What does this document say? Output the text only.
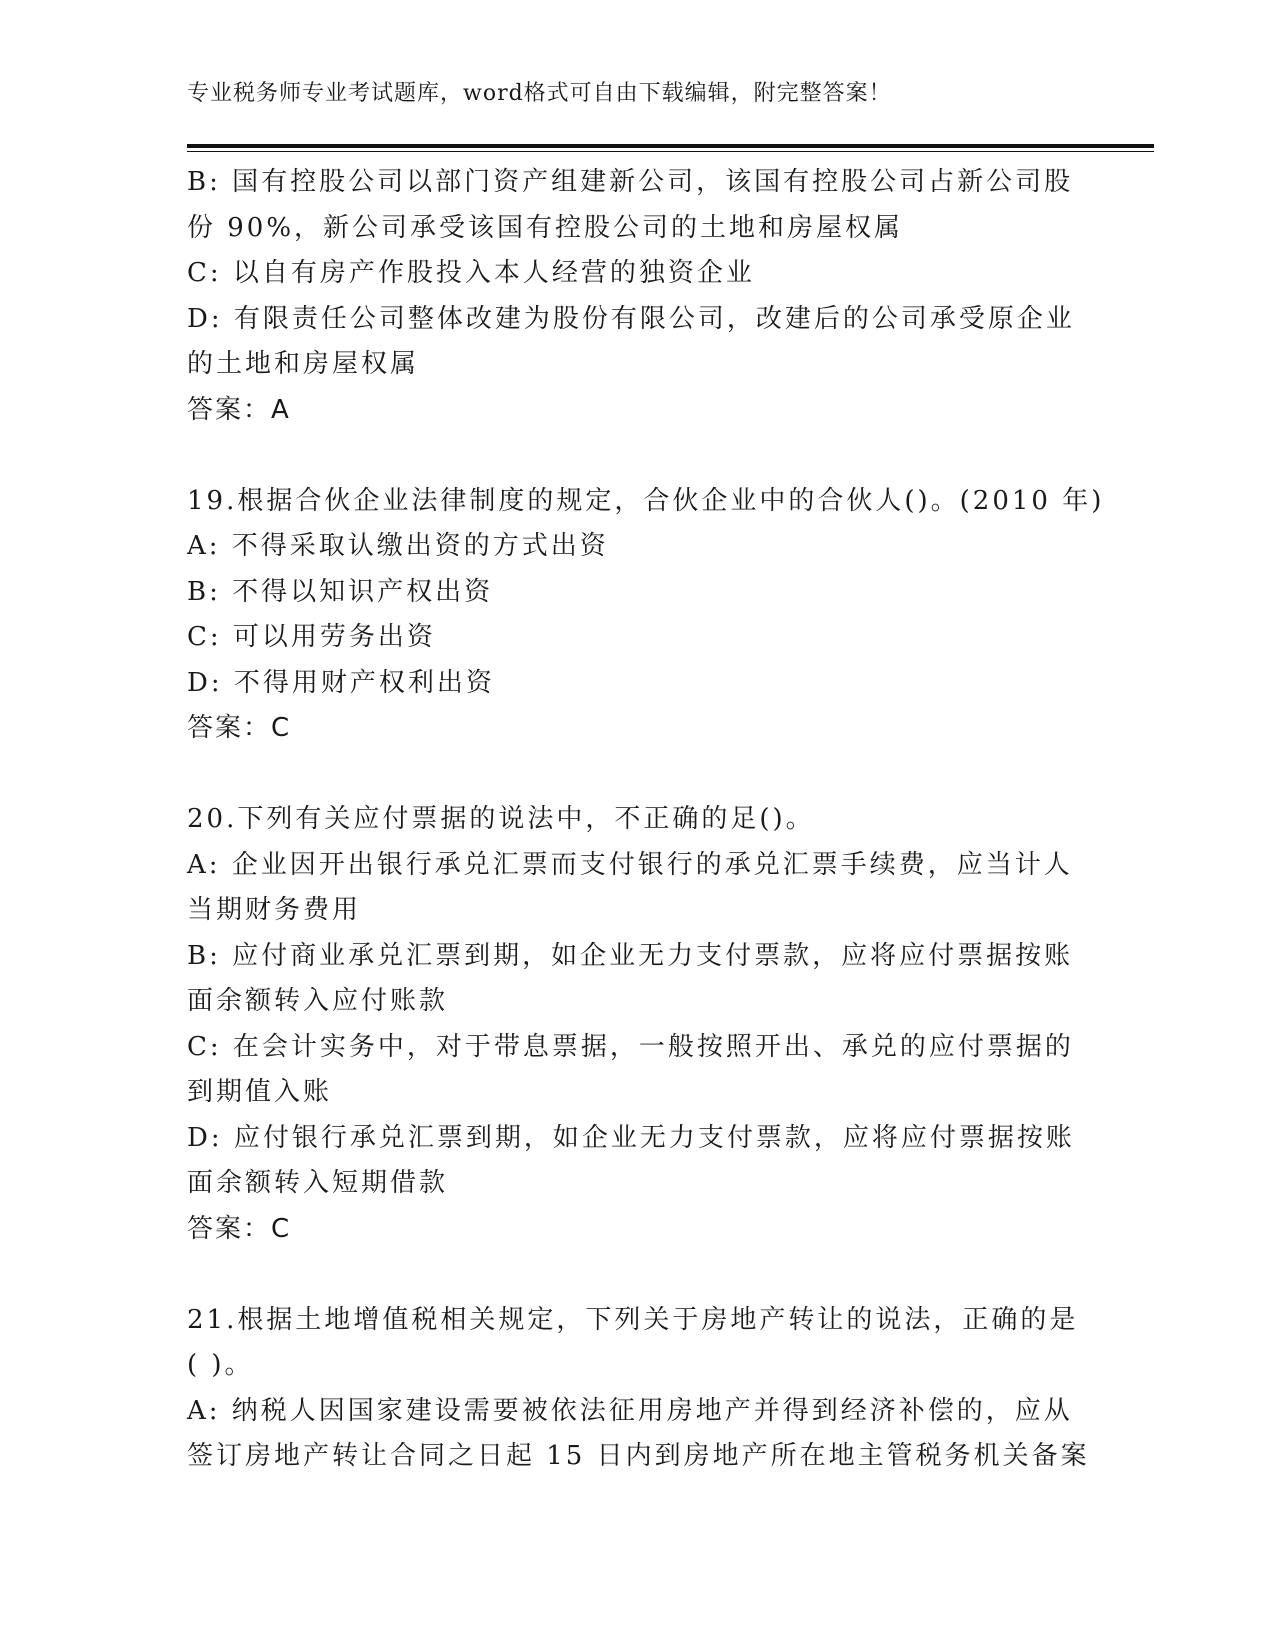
专业税务师专业考试题库，word格式可自由下载编辑，附完整答案！
B: 国有控股公司以部门资产组建新公司，该国有控股公司占新公司股
份 90%，新公司承受该国有控股公司的土地和房屋权属
C: 以自有房产作股投入本人经营的独资企业
D: 有限责任公司整体改建为股份有限公司，改建后的公司承受原企业
的土地和房屋权属
答案：A
19.根据合伙企业法律制度的规定，合伙企业中的合伙人()。(2010 年)
A: 不得采取认缴出资的方式出资
B: 不得以知识产权出资
C: 可以用劳务出资
D: 不得用财产权利出资
答案：C
20.下列有关应付票据的说法中，不正确的足()。
A: 企业因开出银行承兑汇票而支付银行的承兑汇票手续费，应当计人
当期财务费用
B: 应付商业承兑汇票到期，如企业无力支付票款，应将应付票据按账
面余额转入应付账款
C: 在会计实务中，对于带息票据，一般按照开出、承兑的应付票据的
到期值入账
D: 应付银行承兑汇票到期，如企业无力支付票款，应将应付票据按账
面余额转入短期借款
答案：C
21.根据土地增值税相关规定，下列关于房地产转让的说法，正确的是
( )。
A: 纳税人因国家建设需要被依法征用房地产并得到经济补偿的，应从
签订房地产转让合同之日起 15 日内到房地产所在地主管税务机关备案
